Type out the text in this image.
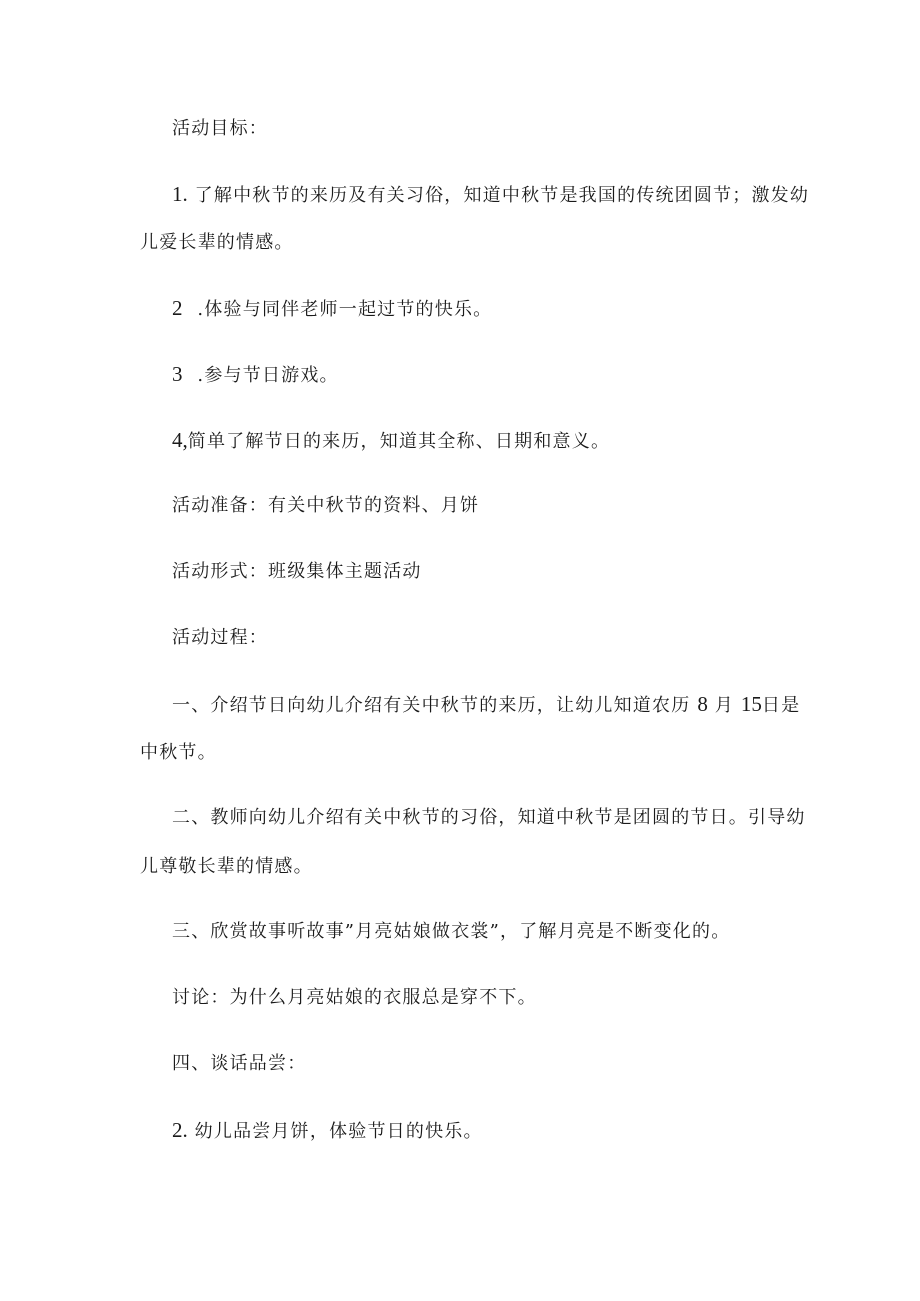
活动目标：
1. 了解中秋节的来历及有关习俗，知道中秋节是我国的传统团圆节；激发幼
儿爱长辈的情感。
2 .体验与同伴老师一起过节的快乐。
3 .参与节日游戏。
4,简单了解节日的来历，知道其全称、日期和意义。
活动准备：有关中秋节的资料、月饼
活动形式：班级集体主题活动
活动过程：
一、介绍节日向幼儿介绍有关中秋节的来历，让幼儿知道农历 8 月 15日是
中秋节。
二、教师向幼儿介绍有关中秋节的习俗，知道中秋节是团圆的节日。引导幼
儿尊敬长辈的情感。
三、欣赏故事听故事”月亮姑娘做衣裳”，了解月亮是不断变化的。
讨论：为什么月亮姑娘的衣服总是穿不下。
四、谈话品尝：
2. 幼儿品尝月饼，体验节日的快乐。
